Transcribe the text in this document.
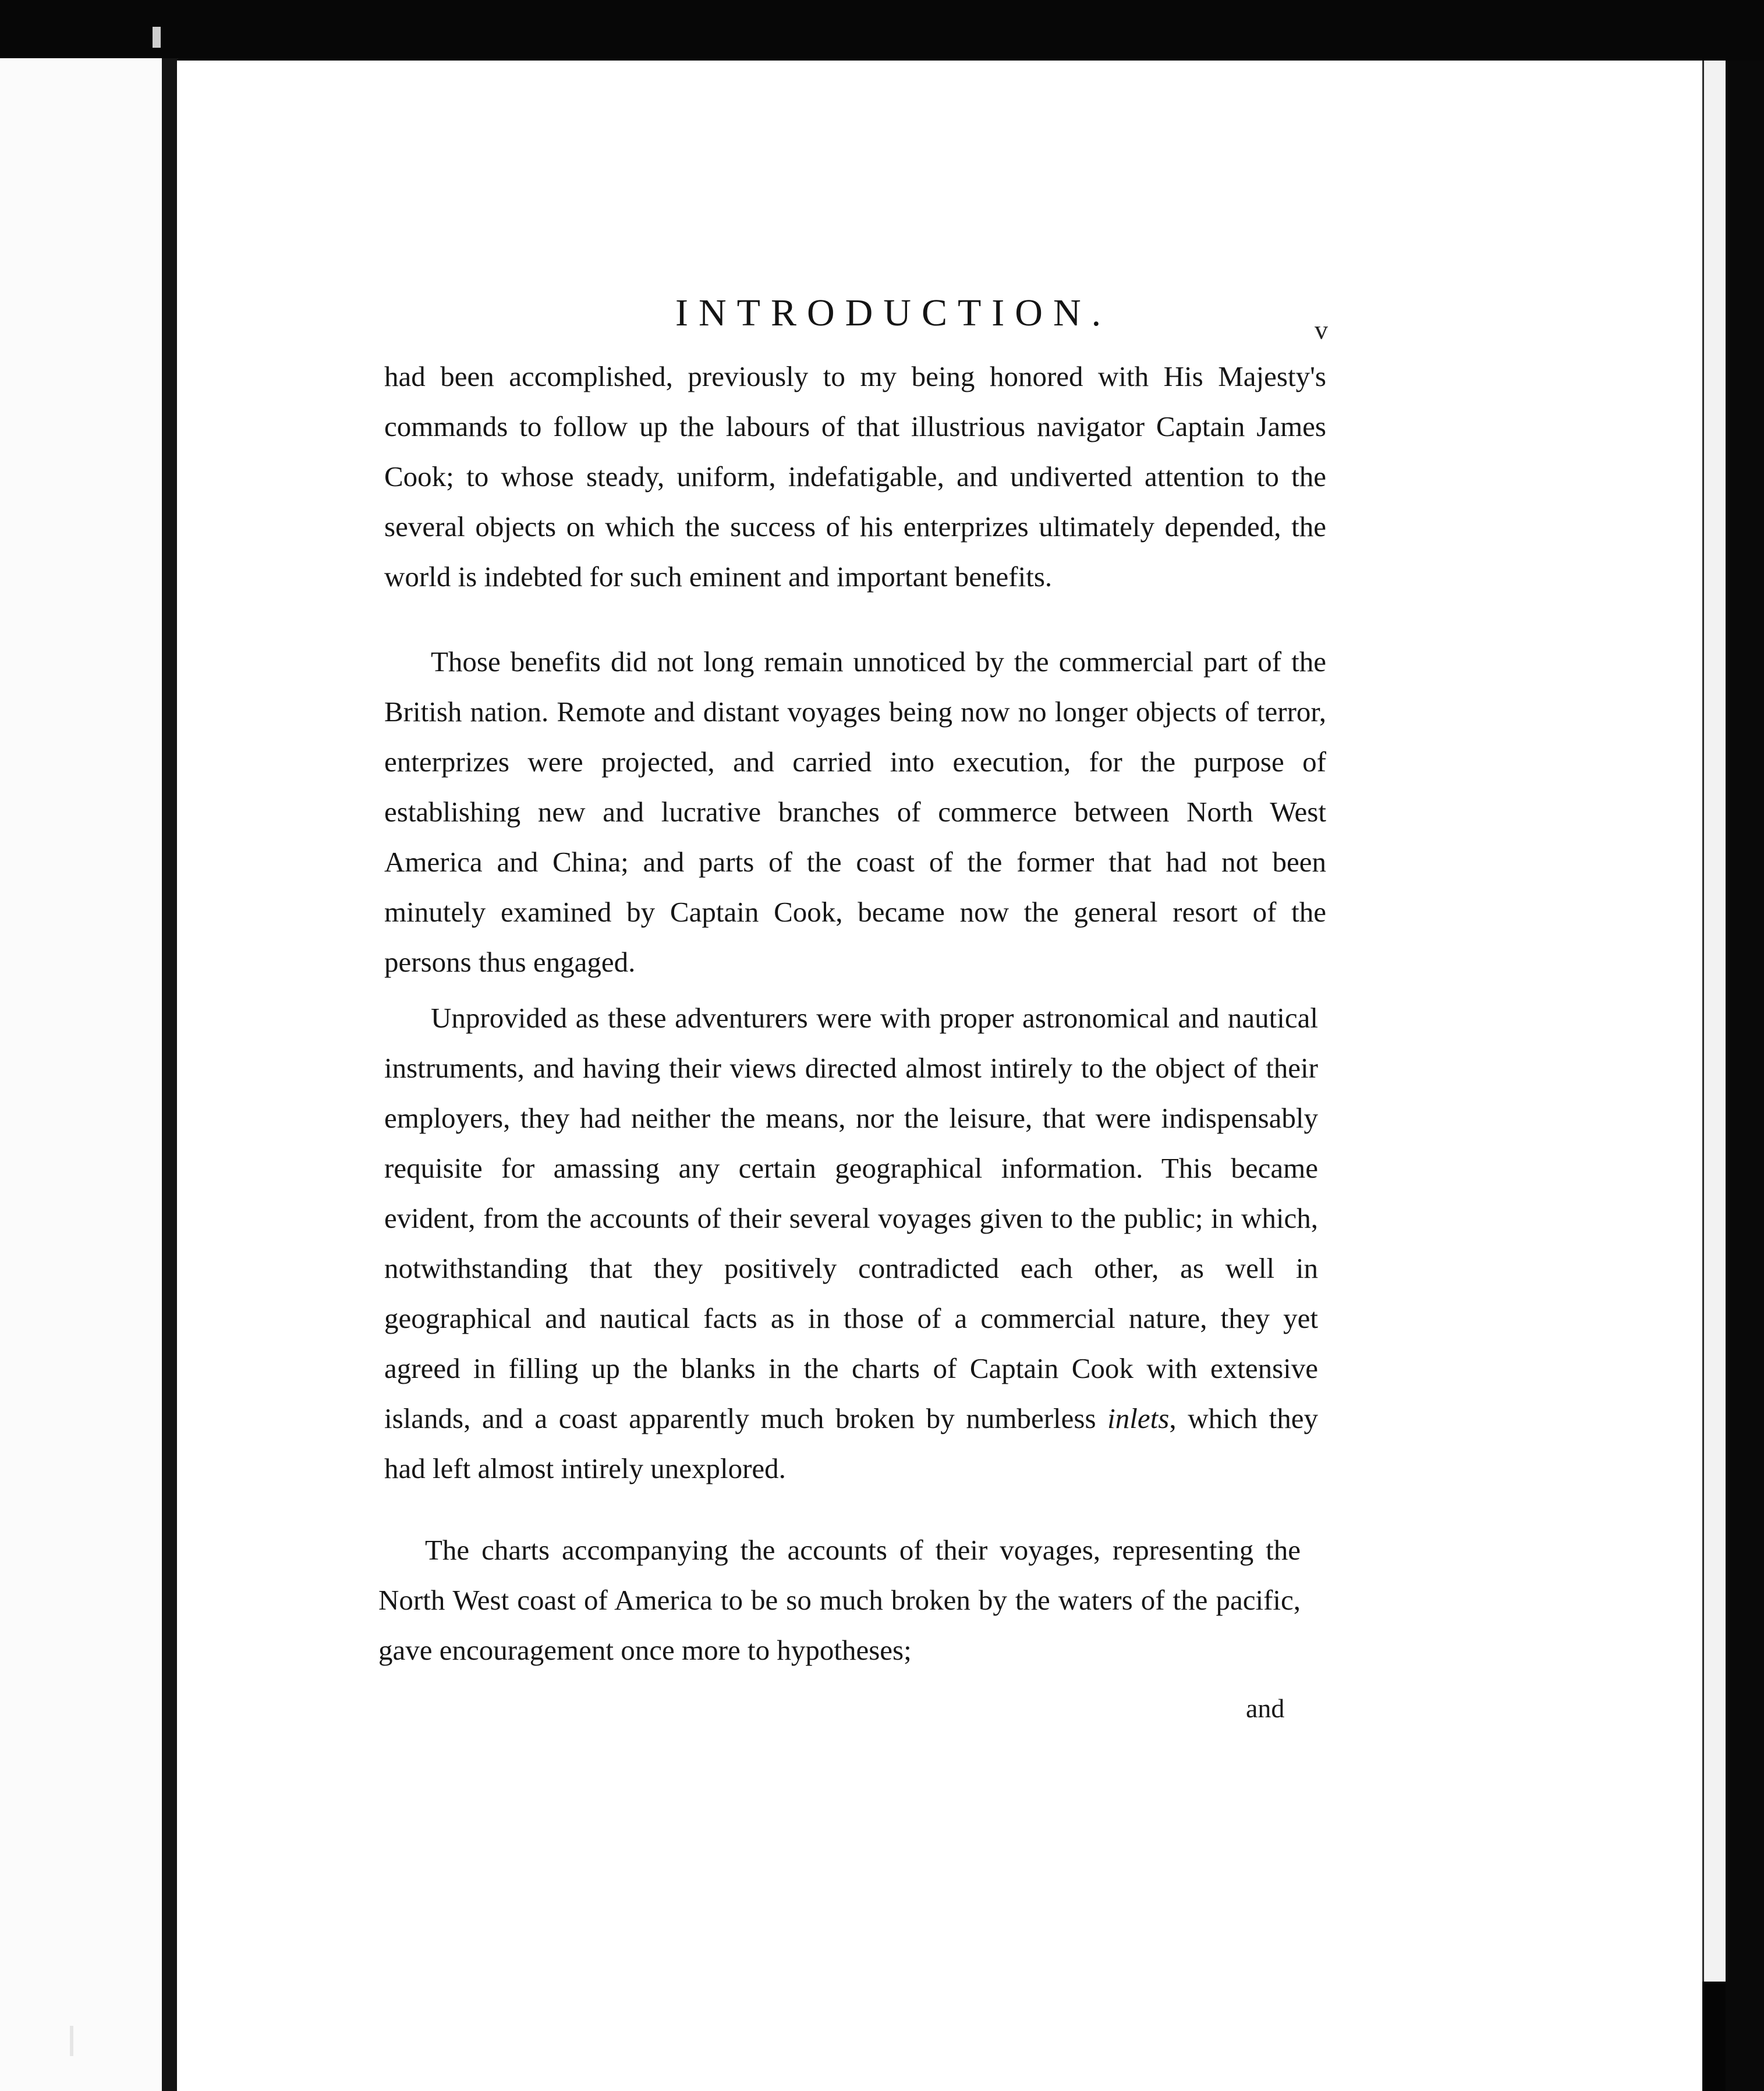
INTRODUCTION.	v

had been accomplished, previously to my being honored with His Majesty's commands to follow up the labours of that illustrious navigator Captain James Cook; to whose steady, uniform, indefatigable, and undiverted attention to the several objects on which the success of his enterprizes ultimately depended, the world is indebted for such eminent and important benefits.

Those benefits did not long remain unnoticed by the commercial part of the British nation. Remote and distant voyages being now no longer objects of terror, enterprizes were projected, and carried into execution, for the purpose of establishing new and lucrative branches of commerce between North West America and China; and parts of the coast of the former that had not been minutely examined by Captain Cook, became now the general resort of the persons thus engaged.

Unprovided as these adventurers were with proper astronomical and nautical instruments, and having their views directed almost intirely to the object of their employers, they had neither the means, nor the leisure, that were indispensably requisite for amassing any certain geographical information. This became evident, from the accounts of their several voyages given to the public; in which, notwithstanding that they positively contradicted each other, as well in geographical and nautical facts as in those of a commercial nature, they yet agreed in filling up the blanks in the charts of Captain Cook with extensive islands, and a coast apparently much broken by numberless inlets, which they had left almost intirely unexplored.

The charts accompanying the accounts of their voyages, representing the North West coast of America to be so much broken by the waters of the pacific, gave encouragement once more to hypotheses;

and
